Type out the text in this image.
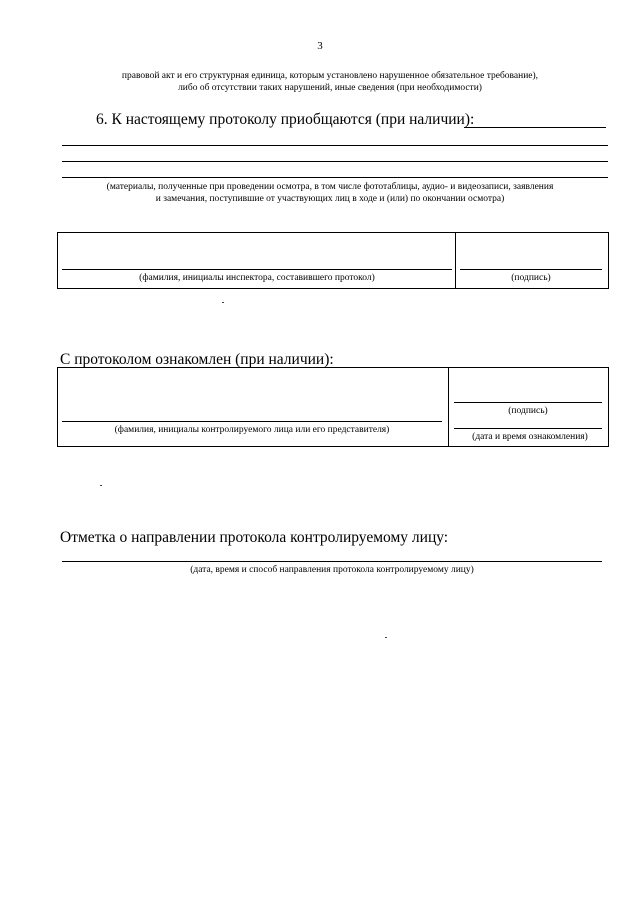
3
правовой акт и его структурная единица, которым установлено нарушенное обязательное требование),
либо об отсутствии таких нарушений, иные сведения (при необходимости)
6. К настоящему протоколу приобщаются (при наличии):
(материалы, полученные при проведении осмотра, в том числе фототаблицы, аудио- и видеозаписи, заявления
и замечания, поступившие от участвующих лиц в ходе и (или) по окончании осмотра)
(фамилия, инициалы инспектора, составившего протокол)	(подпись)
С протоколом ознакомлен (при наличии):
(фамилия, инициалы контролируемого лица или его представителя)
(подпись)
(дата и время ознакомления)
Отметка о направлении протокола контролируемому лицу:
(дата, время и способ направления протокола контролируемому лицу)
